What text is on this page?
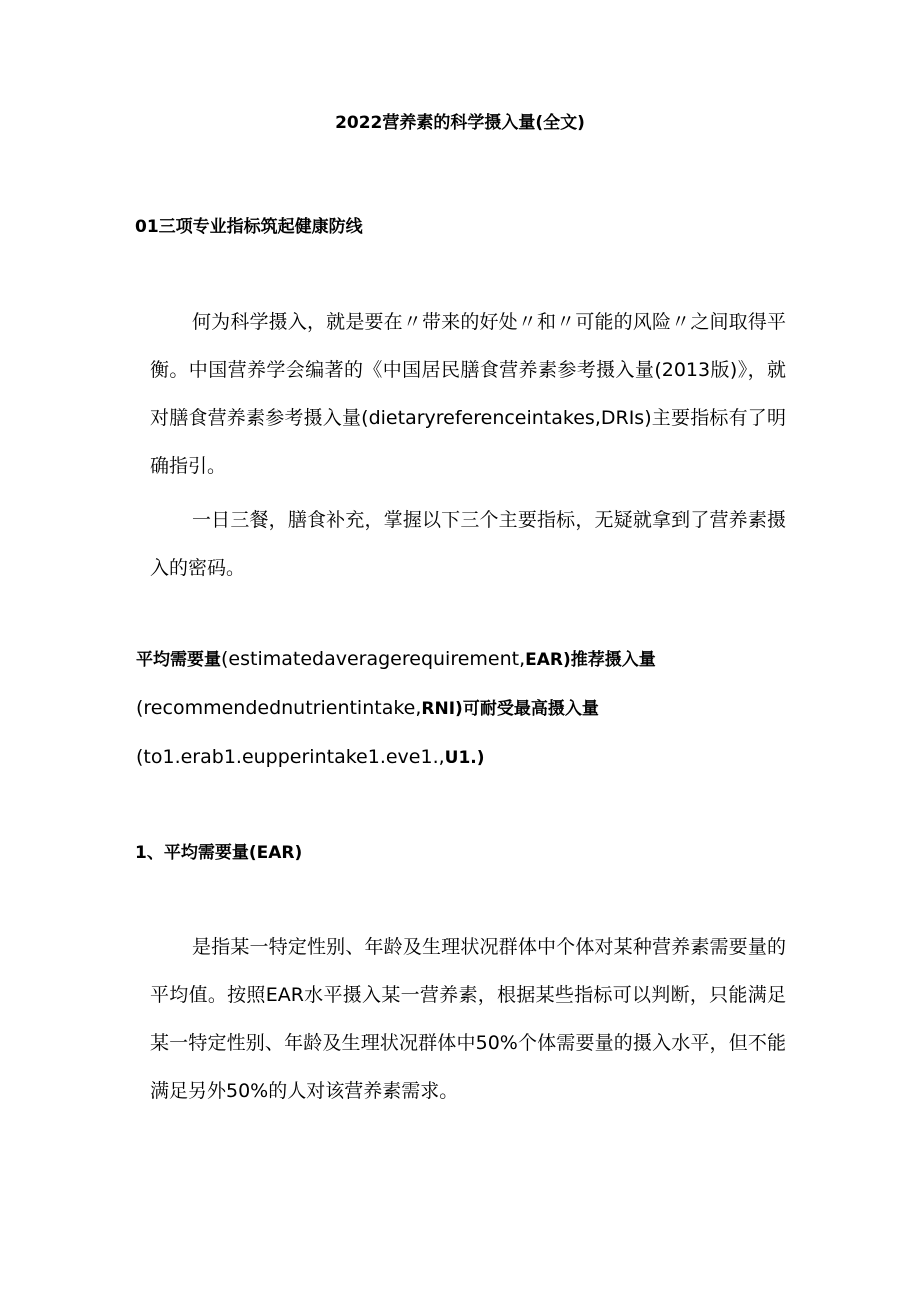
2022营养素的科学摄入量(全文)
01三项专业指标筑起健康防线
何为科学摄入，就是要在〃带来的好处〃和〃可能的风险〃之间取得平衡。中国营养学会编著的《中国居民膳食营养素参考摄入量(2013版)》，就对膳食营养素参考摄入量(dietaryreferenceintakes,DRIs)主要指标有了明确指引。
一日三餐，膳食补充，掌握以下三个主要指标，无疑就拿到了营养素摄入的密码。
平均需要量(estimatedaveragerequirement,EAR)推荐摄入量
(recommendednutrientintake,RNI)可耐受最高摄入量
(to1.erab1.eupperintake1.eve1.,U1.)
1、平均需要量(EAR)
是指某一特定性别、年龄及生理状况群体中个体对某种营养素需要量的平均值。按照EAR水平摄入某一营养素，根据某些指标可以判断，只能满足某一特定性别、年龄及生理状况群体中50%个体需要量的摄入水平，但不能满足另外50%的人对该营养素需求。
